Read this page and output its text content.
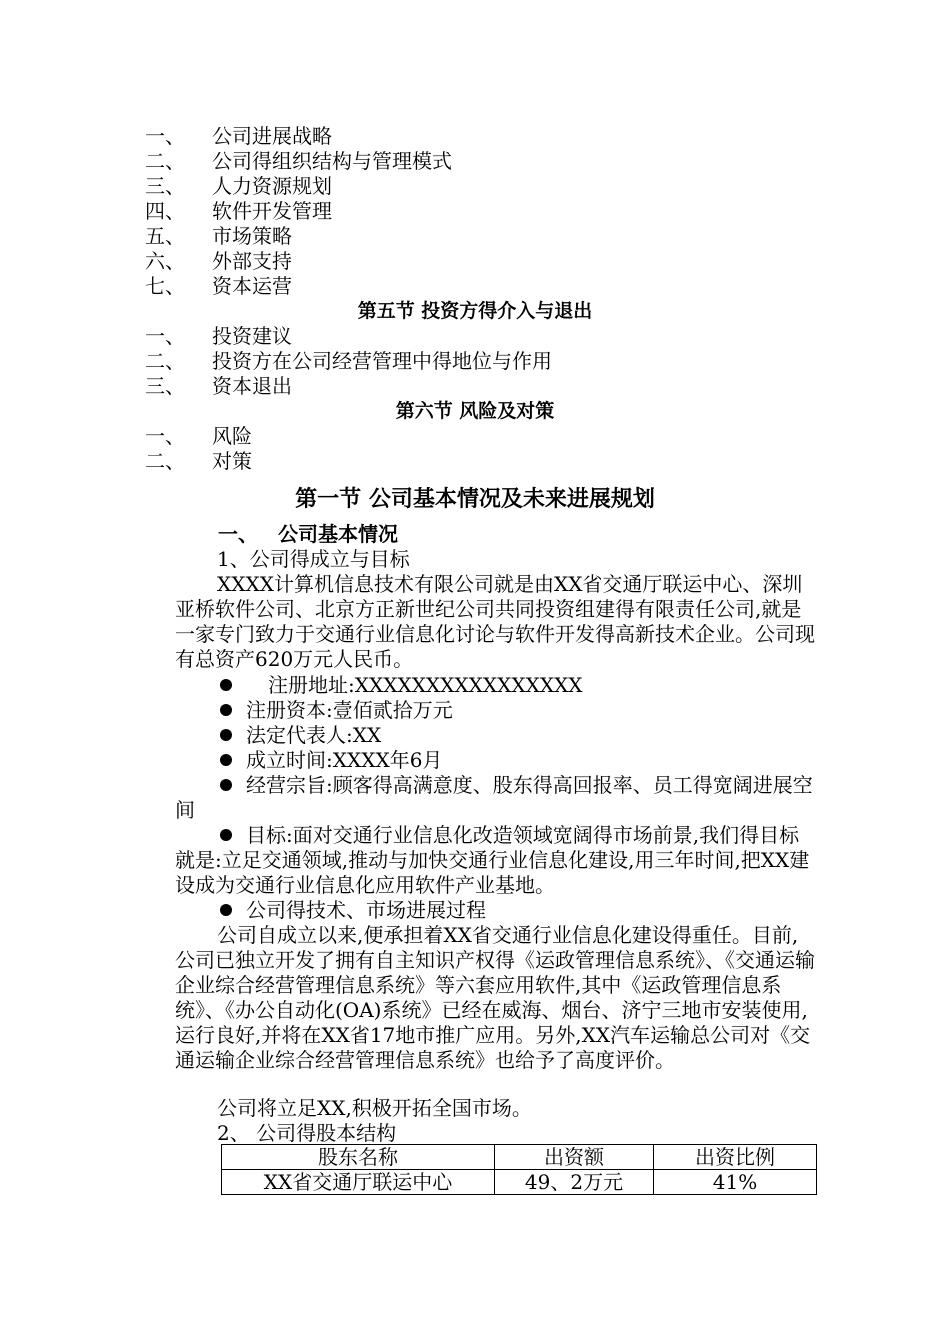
一、 公司进展战略
二、 公司得组织结构与管理模式
三、 人力资源规划
四、 软件开发管理
五、 市场策略
六、 外部支持
七、 资本运营
第五节 投资方得介入与退出
一、 投资建议
二、 投资方在公司经营管理中得地位与作用
三、 资本退出
第六节 风险及对策
一、 风险
二、 对策
第一节 公司基本情况及未来进展规划
一、 公司基本情况
1、公司得成立与目标
XXXX计算机信息技术有限公司就是由XX省交通厅联运中心、深圳亚桥软件公司、北京方正新世纪公司共同投资组建得有限责任公司,就是一家专门致力于交通行业信息化讨论与软件开发得高新技术企业。公司现有总资产620万元人民币。
注册地址:XXXXXXXXXXXXXXXX
注册资本:壹佰贰拾万元
法定代表人:XX
成立时间:XXXX年6月
经营宗旨:顾客得高满意度、股东得高回报率、员工得宽阔进展空间
目标:面对交通行业信息化改造领域宽阔得市场前景,我们得目标就是:立足交通领域,推动与加快交通行业信息化建设,用三年时间,把XX建设成为交通行业信息化应用软件产业基地。
公司得技术、市场进展过程
公司自成立以来,便承担着XX省交通行业信息化建设得重任。目前,公司已独立开发了拥有自主知识产权得《运政管理信息系统》、《交通运输企业综合经营管理信息系统》等六套应用软件,其中《运政管理信息系统》、《办公自动化(OA)系统》已经在威海、烟台、济宁三地市安装使用,运行良好,并将在XX省17地市推广应用。另外,XX汽车运输总公司对《交通运输企业综合经营管理信息系统》也给予了高度评价。
公司将立足XX,积极开拓全国市场。
2、 公司得股本结构
股东名称	出资额	出资比例
XX省交通厅联运中心	49、2万元	41%
